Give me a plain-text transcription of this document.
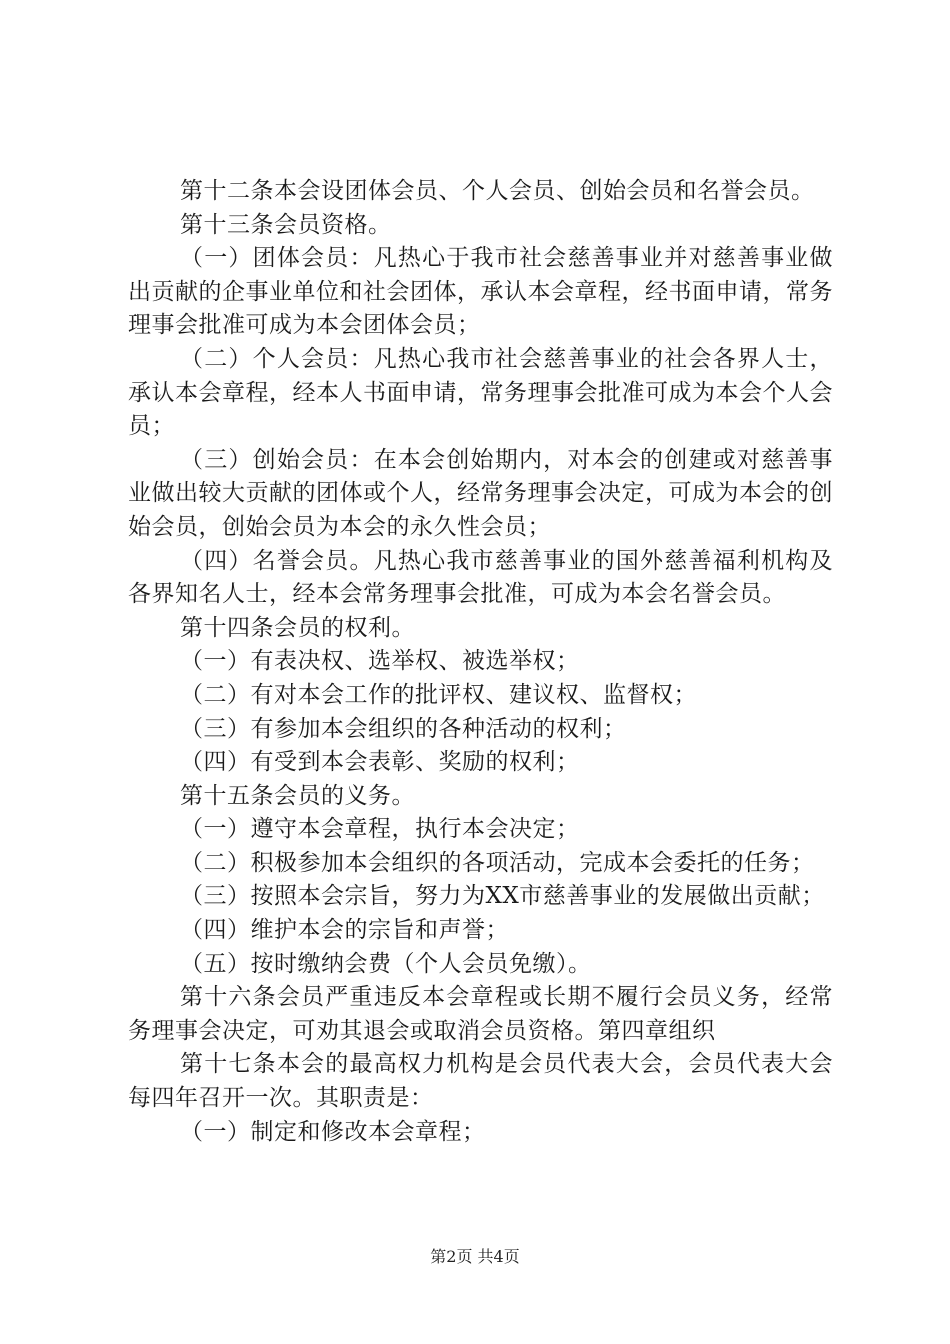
第十二条本会设团体会员、个人会员、创始会员和名誉会员。

第十三条会员资格。

（一）团体会员：凡热心于我市社会慈善事业并对慈善事业做出贡献的企事业单位和社会团体，承认本会章程，经书面申请，常务理事会批准可成为本会团体会员；

（二）个人会员：凡热心我市社会慈善事业的社会各界人士，承认本会章程，经本人书面申请，常务理事会批准可成为本会个人会员；

（三）创始会员：在本会创始期内，对本会的创建或对慈善事业做出较大贡献的团体或个人，经常务理事会决定，可成为本会的创始会员，创始会员为本会的永久性会员；

（四）名誉会员。凡热心我市慈善事业的国外慈善福利机构及各界知名人士，经本会常务理事会批准，可成为本会名誉会员。

第十四条会员的权利。

（一）有表决权、选举权、被选举权；

（二）有对本会工作的批评权、建议权、监督权；

（三）有参加本会组织的各种活动的权利；

（四）有受到本会表彰、奖励的权利；

第十五条会员的义务。

（一）遵守本会章程，执行本会决定；

（二）积极参加本会组织的各项活动，完成本会委托的任务；

（三）按照本会宗旨，努力为XX市慈善事业的发展做出贡献；

（四）维护本会的宗旨和声誉；

（五）按时缴纳会费（个人会员免缴）。

第十六条会员严重违反本会章程或长期不履行会员义务，经常务理事会决定，可劝其退会或取消会员资格。第四章组织

第十七条本会的最高权力机构是会员代表大会，会员代表大会每四年召开一次。其职责是：

（一）制定和修改本会章程；

第2页 共4页
